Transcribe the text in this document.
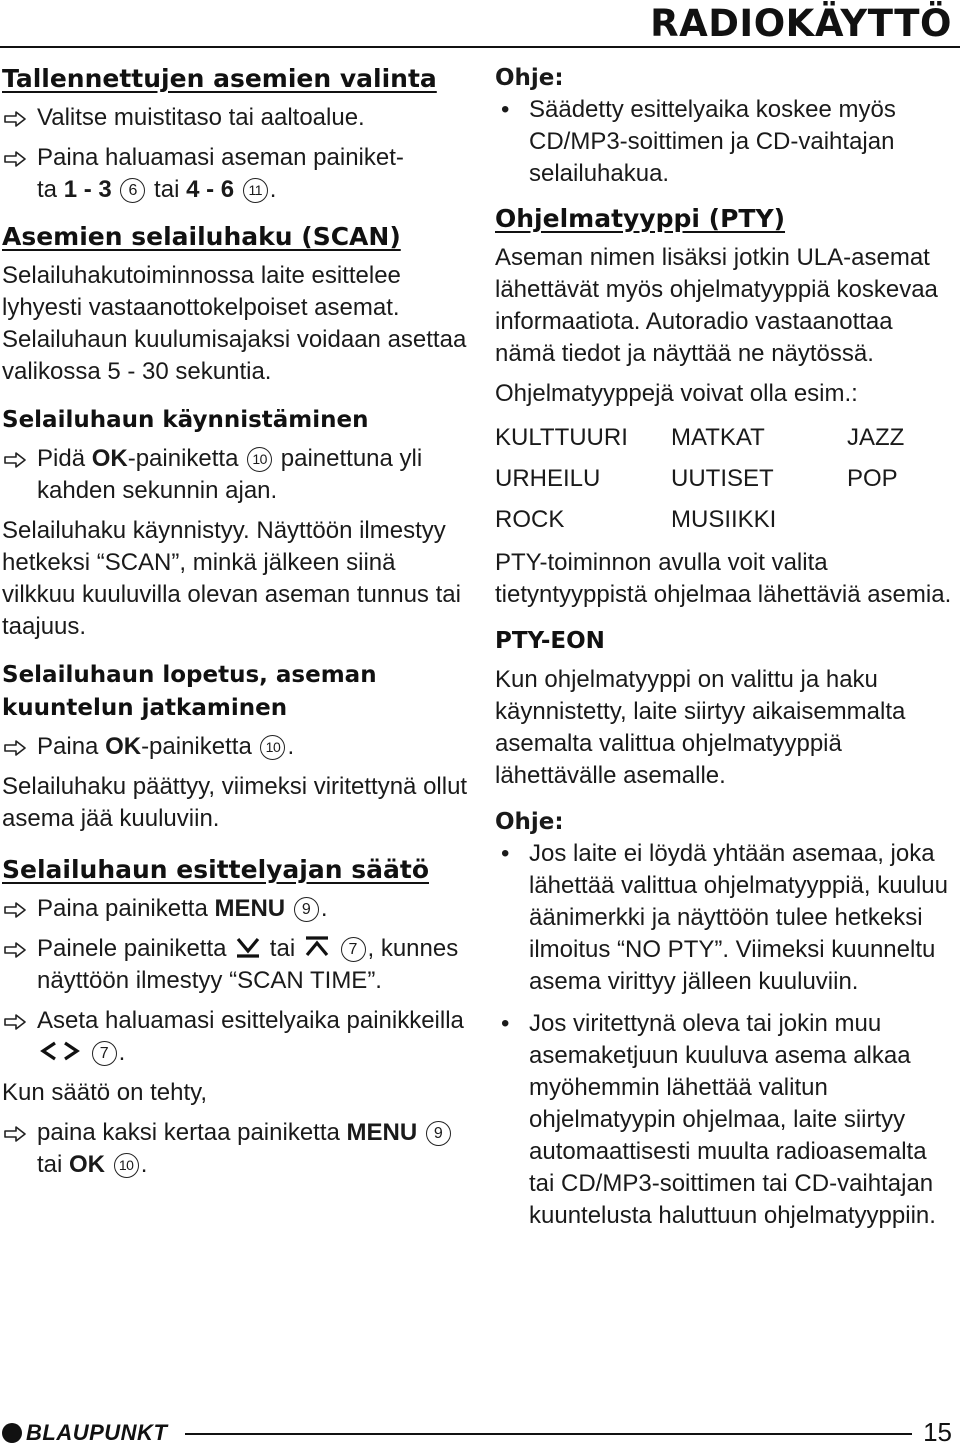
RADIOKÄYTTÖ
Tallennettujen asemien valinta
Valitse muistitaso tai aaltoalue.
Paina haluamasi aseman painiket-
ta 1 - 3 6 tai 4 - 6 11 .
Asemien selailuhaku (SCAN)

Selailuhakutoiminnossa laite esittelee lyhyesti vastaanottokelpoiset asemat. Selailuhaun kuulumisajaksi voidaan asettaa valikossa 5 - 30 sekuntia.

Selailuhaun käynnistäminen
Pidä OK-painiketta 10 painettuna yli kahden sekunnin ajan.

Selailuhaku käynnistyy. Näyttöön ilmestyy hetkeksi “SCAN”, minkä jälkeen siinä vilkkuu kuuluvilla olevan aseman tunnus tai taajuus.

Selailuhaun lopetus, aseman kuuntelun jatkaminen
Paina OK-painiketta 10 .

Selailuhaku päättyy, viimeksi viritettynä ollut asema jää kuuluviin.

Selailuhaun esittelyajan säätö
Paina painiketta MENU 9 .
Painele painiketta  tai	7 , kunnes näyttöön ilmestyy “SCAN TIME”.
Aseta haluamasi esittelyaika painikkeilla  7 .

Kun säätö on tehty,

paina kaksi kertaa painiketta MENU 9 tai OK 10 .
Ohje:
• Säädetty esittelyaika koskee myös CD/MP3-soittimen ja CD-vaihtajan selailuhakua.
Ohjelmatyyppi (PTY)

Aseman nimen lisäksi jotkin ULA-asemat lähettävät myös ohjelmatyyppiä koskevaa informaatiota. Autoradio vastaanottaa nämä tiedot ja näyttää ne näytössä.

Ohjelmatyyppejä voivat olla esim.:

KULTTUURI	MATKAT	JAZZ
URHEILU	UUTISET	POP
ROCK	MUSIIKKI	

PTY-toiminnon avulla voit valita tietyntyyppistä ohjelmaa lähettäviä asemia.

PTY-EON

Kun ohjelmatyyppi on valittu ja haku käynnistetty, laite siirtyy aikaisemmalta asemalta valittua ohjelmatyyppiä lähettävälle asemalle.

Ohje:
• Jos laite ei löydä yhtään asemaa, joka lähettää valittua ohjelmatyyppiä, kuuluu äänimerkki ja näyttöön tulee hetkeksi ilmoitus “NO PTY”. Viimeksi kuunneltu asema virittyy jälleen kuuluviin.
• Jos viritettynä oleva tai jokin muu asemaketjuun kuuluva asema alkaa myöhemmin lähettää valitun ohjelmatyypin ohjelmaa, laite siirtyy automaattisesti muulta radioasemalta tai CD/MP3-soittimen tai CD-vaihtajan kuuntelusta haluttuun ohjelmatyyppiin.
BLAUPUNKT	15
